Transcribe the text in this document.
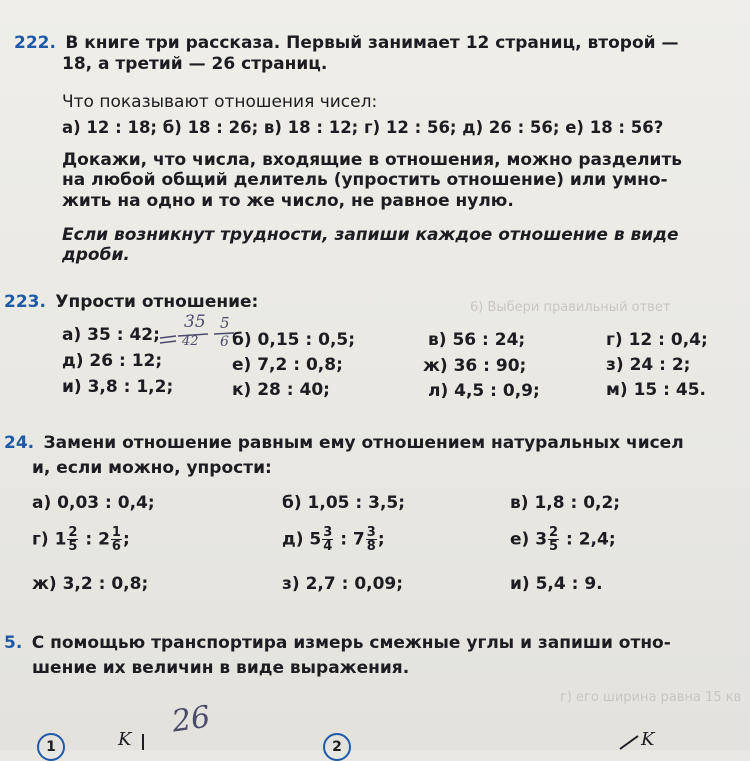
6) Выбери правильный ответ
г) его ширина равна 15 кв
222. В книге три рассказа. Первый занимает 12 страниц, второй —
18, а третий — 26 страниц.
Что показывают отношения чисел:
а) 12 : 18; б) 18 : 26; в) 18 : 12; г) 12 : 56; д) 26 : 56; е) 18 : 56?
Докажи, что числа, входящие в отношения, можно разделить
на любой общий делитель (упростить отношение) или умно-
жить на одно и то же число, не равное нулю.
Если возникнут трудности, запиши каждое отношение в виде
дроби.
223. Упрости отношение:
а) 35 : 42;	б) 0,15 : 0,5;	в) 56 : 24;	г) 12 : 0,4;
д) 26 : 12;	е) 7,2 : 0,8;	ж) 36 : 90;	з) 24 : 2;
и) 3,8 : 1,2;	к) 28 : 40;	л) 4,5 : 0,9;	м) 15 : 45.
35
42
5
6
24. Замени отношение равным ему отношением натуральных чисел
и, если можно, упрости:
а) 0,03 : 0,4;	б) 1,05 : 3,5;	в) 1,8 : 0,2;
г) $1 \frac{2}{5}$ : $2 \frac{1}{6}$ ;	д) $5 \frac{3}{4}$ : $7 \frac{3}{8}$ ;	е) $3 \frac{2}{5}$ : 2,4;
ж) 3,2 : 0,8;	з) 2,7 : 0,09;	и) 5,4 : 9.
5. С помощью транспортира измерь смежные углы и запиши отно-
шение их величин в виде выражения.
1	2
K	K
26
